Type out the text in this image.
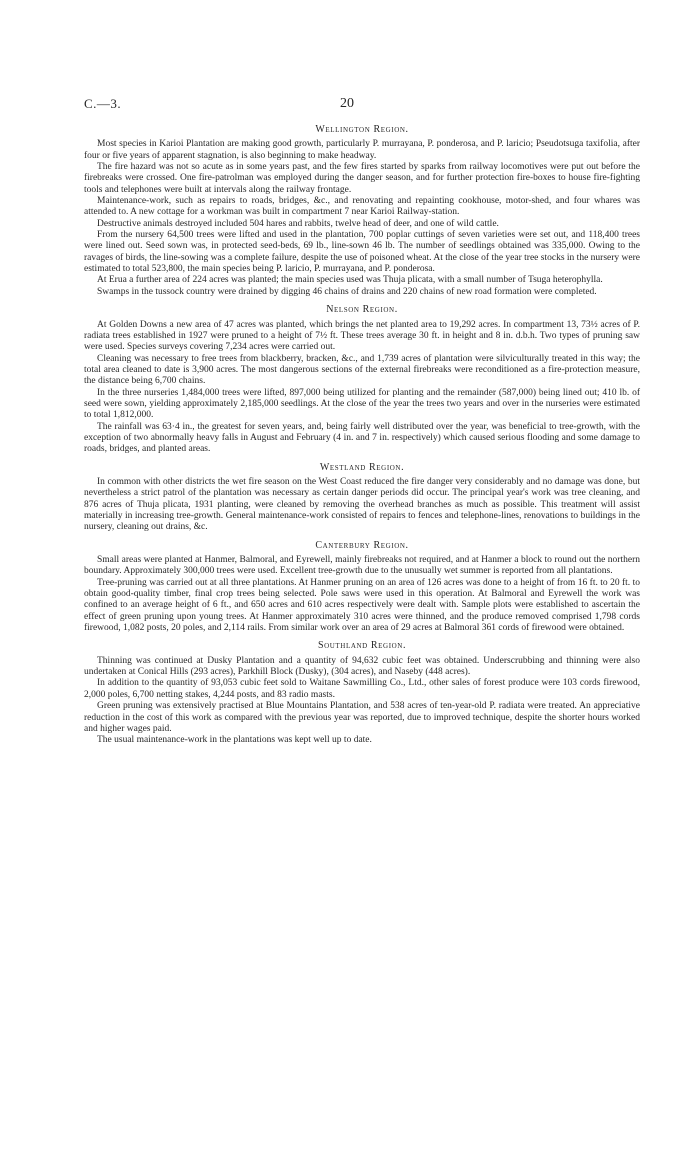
C.—3.	20
Wellington Region.

Most species in Karioi Plantation are making good growth, particularly P. murrayana, P. ponderosa, and P. laricio; Pseudotsuga taxifolia, after four or five years of apparent stagnation, is also beginning to make headway.

The fire hazard was not so acute as in some years past, and the few fires started by sparks from railway locomotives were put out before the firebreaks were crossed. One fire-patrolman was employed during the danger season, and for further protection fire-boxes to house fire-fighting tools and telephones were built at intervals along the railway frontage.

Maintenance-work, such as repairs to roads, bridges, &c., and renovating and repainting cookhouse, motor-shed, and four whares was attended to. A new cottage for a workman was built in compartment 7 near Karioi Railway-station.

Destructive animals destroyed included 504 hares and rabbits, twelve head of deer, and one of wild cattle.

From the nursery 64,500 trees were lifted and used in the plantation, 700 poplar cuttings of seven varieties were set out, and 118,400 trees were lined out. Seed sown was, in protected seed-beds, 69 lb., line-sown 46 lb. The number of seedlings obtained was 335,000. Owing to the ravages of birds, the line-sowing was a complete failure, despite the use of poisoned wheat. At the close of the year tree stocks in the nursery were estimated to total 523,800, the main species being P. laricio, P. murrayana, and P. ponderosa.

At Erua a further area of 224 acres was planted; the main species used was Thuja plicata, with a small number of Tsuga heterophylla.

Swamps in the tussock country were drained by digging 46 chains of drains and 220 chains of new road formation were completed.

Nelson Region.

At Golden Downs a new area of 47 acres was planted, which brings the net planted area to 19,292 acres. In compartment 13, 73½ acres of P. radiata trees established in 1927 were pruned to a height of 7½ ft. These trees average 30 ft. in height and 8 in. d.b.h. Two types of pruning saw were used. Species surveys covering 7,234 acres were carried out.

Cleaning was necessary to free trees from blackberry, bracken, &c., and 1,739 acres of plantation were silviculturally treated in this way; the total area cleaned to date is 3,900 acres. The most dangerous sections of the external firebreaks were reconditioned as a fire-protection measure, the distance being 6,700 chains.

In the three nurseries 1,484,000 trees were lifted, 897,000 being utilized for planting and the remainder (587,000) being lined out; 410 lb. of seed were sown, yielding approximately 2,185,000 seedlings. At the close of the year the trees two years and over in the nurseries were estimated to total 1,812,000.

The rainfall was 63·4 in., the greatest for seven years, and, being fairly well distributed over the year, was beneficial to tree-growth, with the exception of two abnormally heavy falls in August and February (4 in. and 7 in. respectively) which caused serious flooding and some damage to roads, bridges, and planted areas.

Westland Region.

In common with other districts the wet fire season on the West Coast reduced the fire danger very considerably and no damage was done, but nevertheless a strict patrol of the plantation was necessary as certain danger periods did occur. The principal year's work was tree cleaning, and 876 acres of Thuja plicata, 1931 planting, were cleaned by removing the overhead branches as much as possible. This treatment will assist materially in increasing tree-growth. General maintenance-work consisted of repairs to fences and telephone-lines, renovations to buildings in the nursery, cleaning out drains, &c.

Canterbury Region.

Small areas were planted at Hanmer, Balmoral, and Eyrewell, mainly firebreaks not required, and at Hanmer a block to round out the northern boundary. Approximately 300,000 trees were used. Excellent tree-growth due to the unusually wet summer is reported from all plantations.

Tree-pruning was carried out at all three plantations. At Hanmer pruning on an area of 126 acres was done to a height of from 16 ft. to 20 ft. to obtain good-quality timber, final crop trees being selected. Pole saws were used in this operation. At Balmoral and Eyrewell the work was confined to an average height of 6 ft., and 650 acres and 610 acres respectively were dealt with. Sample plots were established to ascertain the effect of green pruning upon young trees. At Hanmer approximately 310 acres were thinned, and the produce removed comprised 1,798 cords firewood, 1,082 posts, 20 poles, and 2,114 rails. From similar work over an area of 29 acres at Balmoral 361 cords of firewood were obtained.

Southland Region.

Thinning was continued at Dusky Plantation and a quantity of 94,632 cubic feet was obtained. Underscrubbing and thinning were also undertaken at Conical Hills (293 acres), Parkhill Block (Dusky), (304 acres), and Naseby (448 acres).

In addition to the quantity of 93,053 cubic feet sold to Waitane Sawmilling Co., Ltd., other sales of forest produce were 103 cords firewood, 2,000 poles, 6,700 netting stakes, 4,244 posts, and 83 radio masts.

Green pruning was extensively practised at Blue Mountains Plantation, and 538 acres of ten-year-old P. radiata were treated. An appreciative reduction in the cost of this work as compared with the previous year was reported, due to improved technique, despite the shorter hours worked and higher wages paid.

The usual maintenance-work in the plantations was kept well up to date.
